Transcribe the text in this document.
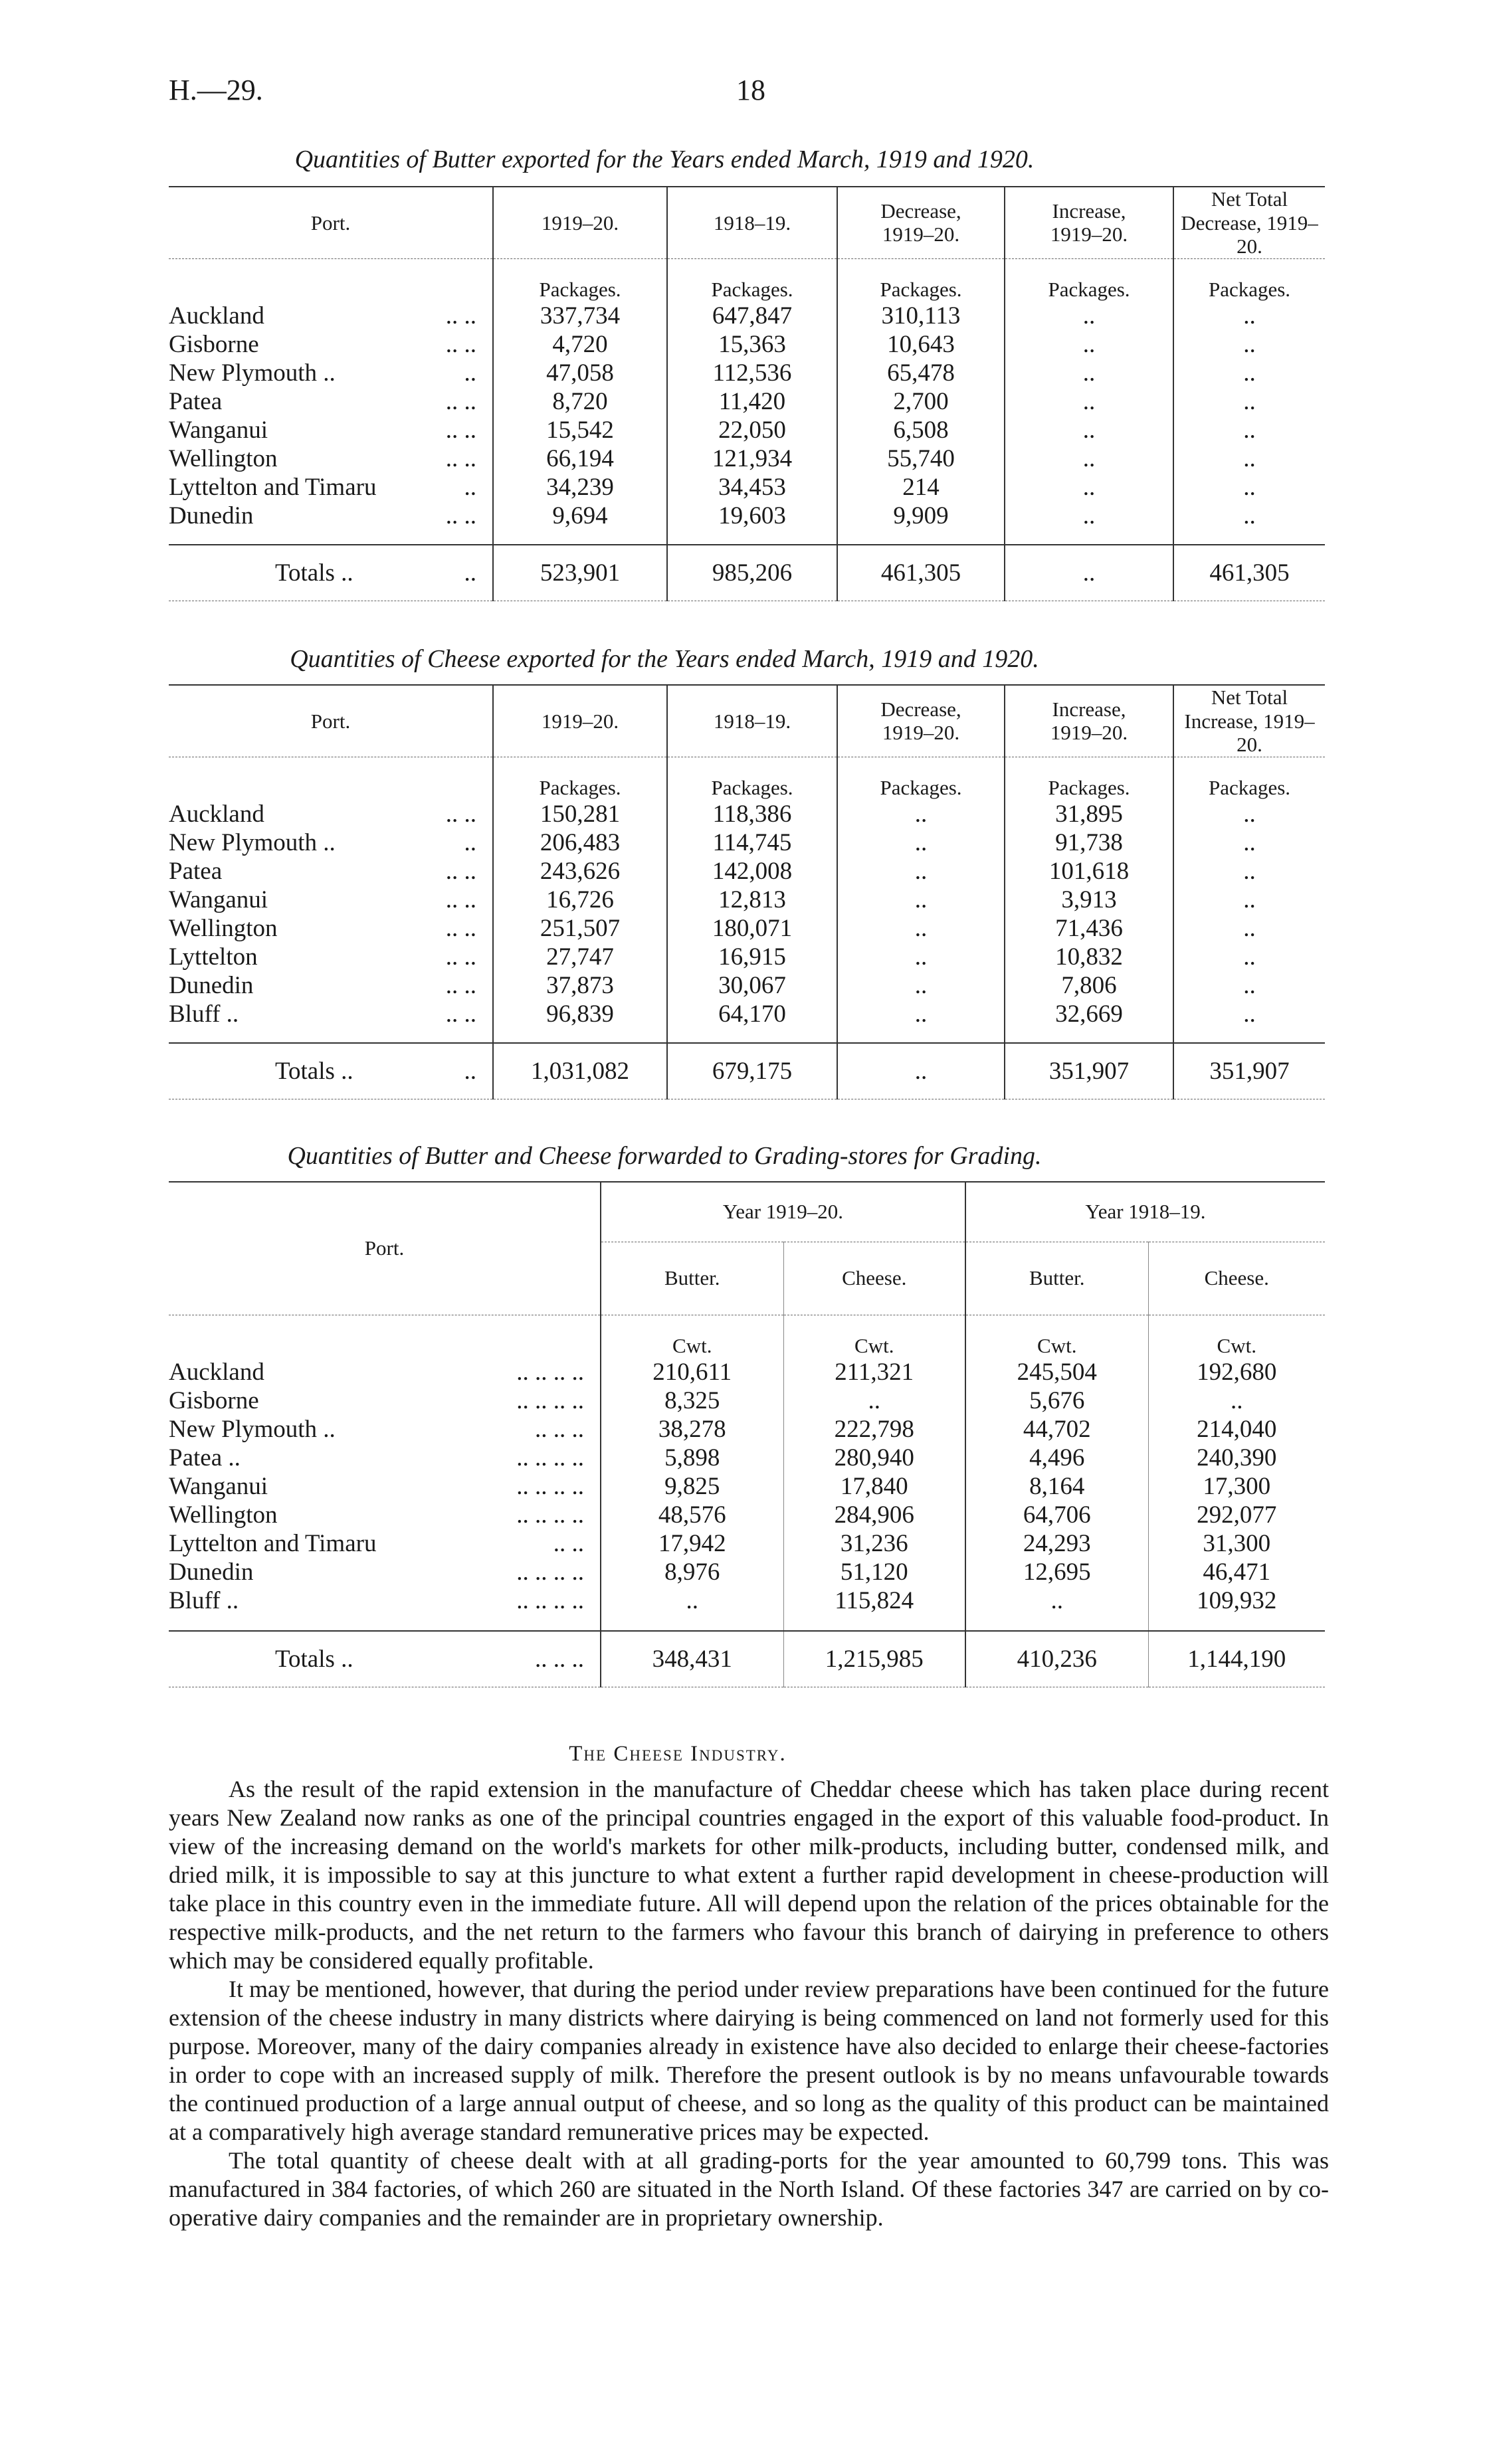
H.—29.	18
Quantities of Butter exported for the Years ended March, 1919 and 1920.
Port.	1919–20.	1918–19.	Decrease, 1919–20.	Increase, 1919–20.	Net Total Decrease, 1919–20.
	Packages.	Packages.	Packages.	Packages.	Packages.
Auckland .. ..	337,734	647,847	310,113	..	..
Gisborne .. ..	4,720	15,363	10,643	..	..
New Plymouth .. ..	47,058	112,536	65,478	..	..
Patea .. ..	8,720	11,420	2,700	..	..
Wanganui .. ..	15,542	22,050	6,508	..	..
Wellington .. ..	66,194	121,934	55,740	..	..
Lyttelton and Timaru ..	34,239	34,453	214	..	..
Dunedin .. ..	9,694	19,603	9,909	..	..

Totals .. ..	523,901	985,206	461,305	..	461,305
Quantities of Cheese exported for the Years ended March, 1919 and 1920.
Port.	1919–20.	1918–19.	Decrease, 1919–20.	Increase, 1919–20.	Net Total Increase, 1919–20.
	Packages.	Packages.	Packages.	Packages.	Packages.
Auckland .. ..	150,281	118,386	..	31,895	..
New Plymouth .. ..	206,483	114,745	..	91,738	..
Patea .. ..	243,626	142,008	..	101,618	..
Wanganui .. ..	16,726	12,813	..	3,913	..
Wellington .. ..	251,507	180,071	..	71,436	..
Lyttelton .. ..	27,747	16,915	..	10,832	..
Dunedin .. ..	37,873	30,067	..	7,806	..
Bluff .. .. ..	96,839	64,170	..	32,669	..

Totals .. ..	1,031,082	679,175	..	351,907	351,907
Quantities of Butter and Cheese forwarded to Grading-stores for Grading.
Port.	Year 1919–20.		Year 1918–19.	
	Butter.	Cheese.	Butter.	Cheese.
	Cwt.	Cwt.	Cwt.	Cwt.
Auckland .. .. .. ..	210,611	211,321	245,504	192,680
Gisborne .. .. .. ..	8,325	..	5,676	..
New Plymouth .. .. .. ..	38,278	222,798	44,702	214,040
Patea .. .. .. .. ..	5,898	280,940	4,496	240,390
Wanganui .. .. .. ..	9,825	17,840	8,164	17,300
Wellington .. .. .. ..	48,576	284,906	64,706	292,077
Lyttelton and Timaru .. ..	17,942	31,236	24,293	31,300
Dunedin .. .. .. ..	8,976	51,120	12,695	46,471
Bluff .. .. .. .. ..	..	115,824	..	109,932

Totals .. .. .. ..	348,431	1,215,985	410,236	1,144,190
The Cheese Industry.

As the result of the rapid extension in the manufacture of Cheddar cheese which has taken place during recent years New Zealand now ranks as one of the principal countries engaged in the export of this valuable food-product. In view of the increasing demand on the world's markets for other milk-products, including butter, condensed milk, and dried milk, it is impossible to say at this juncture to what extent a further rapid development in cheese-production will take place in this country even in the immediate future. All will depend upon the relation of the prices obtainable for the respective milk-products, and the net return to the farmers who favour this branch of dairying in preference to others which may be considered equally profitable.

It may be mentioned, however, that during the period under review preparations have been continued for the future extension of the cheese industry in many districts where dairying is being commenced on land not formerly used for this purpose. Moreover, many of the dairy companies already in existence have also decided to enlarge their cheese-factories in order to cope with an increased supply of milk. Therefore the present outlook is by no means unfavourable towards the continued production of a large annual output of cheese, and so long as the quality of this product can be maintained at a comparatively high average standard remunerative prices may be expected.

The total quantity of cheese dealt with at all grading-ports for the year amounted to 60,799 tons. This was manufactured in 384 factories, of which 260 are situated in the North Island. Of these factories 347 are carried on by co-operative dairy companies and the remainder are in proprietary ownership.
